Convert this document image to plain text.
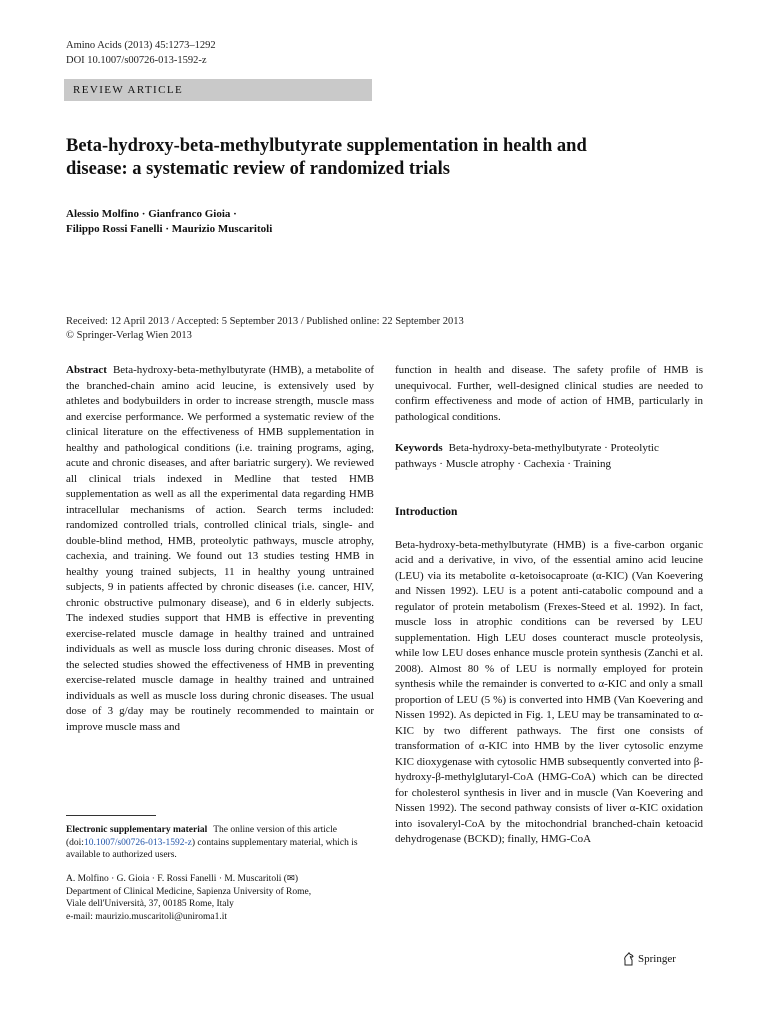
Amino Acids (2013) 45:1273–1292
DOI 10.1007/s00726-013-1592-z
REVIEW ARTICLE
Beta-hydroxy-beta-methylbutyrate supplementation in health and disease: a systematic review of randomized trials
Alessio Molfino · Gianfranco Gioia ·
Filippo Rossi Fanelli · Maurizio Muscaritoli
Received: 12 April 2013 / Accepted: 5 September 2013 / Published online: 22 September 2013
© Springer-Verlag Wien 2013

Abstract Beta-hydroxy-beta-methylbutyrate (HMB), a metabolite of the branched-chain amino acid leucine, is extensively used by athletes and bodybuilders in order to increase strength, muscle mass and exercise performance. We performed a systematic review of the clinical literature on the effectiveness of HMB supplementation in healthy and pathological conditions (i.e. training programs, aging, acute and chronic diseases, and after bariatric surgery). We reviewed all clinical trials indexed in Medline that tested HMB supplementation as well as all the experimental data regarding HMB intracellular mechanisms of action. Search terms included: randomized controlled trials, controlled clinical trials, single- and double-blind method, HMB, proteolytic pathways, muscle atrophy, cachexia, and training. We found out 13 studies testing HMB in healthy young trained subjects, 11 in healthy young untrained subjects, 9 in patients affected by chronic diseases (i.e. cancer, HIV, chronic obstructive pulmonary disease), and 6 in elderly subjects. The indexed studies support that HMB is effective in preventing exercise-related muscle damage in healthy trained and untrained individuals as well as muscle loss during chronic diseases. Most of the selected studies showed the effectiveness of HMB in preventing exercise-related muscle damage in healthy trained and untrained individuals as well as muscle loss during chronic diseases. The usual dose of 3 g/day may be routinely recommended to maintain or improve muscle mass and

function in health and disease. The safety profile of HMB is unequivocal. Further, well-designed clinical studies are needed to confirm effectiveness and mode of action of HMB, particularly in pathological conditions.

Keywords Beta-hydroxy-beta-methylbutyrate · Proteolytic pathways · Muscle atrophy · Cachexia · Training

Introduction

Beta-hydroxy-beta-methylbutyrate (HMB) is a five-carbon organic acid and a derivative, in vivo, of the essential amino acid leucine (LEU) via its metabolite α-ketoisocaproate (α-KIC) (Van Koevering and Nissen 1992). LEU is a potent anti-catabolic compound and a regulator of protein metabolism (Frexes-Steed et al. 1992). In fact, muscle loss in atrophic conditions can be reversed by LEU supplementation. High LEU doses counteract muscle proteolysis, while low LEU doses enhance muscle protein synthesis (Zanchi et al. 2008). Almost 80 % of LEU is normally employed for protein synthesis while the remainder is converted to α-KIC and only a small proportion of LEU (5 %) is converted into HMB (Van Koevering and Nissen 1992). As depicted in Fig. 1, LEU may be transaminated to α-KIC by two different pathways. The first one consists of transformation of α-KIC into HMB by the liver cytosolic enzyme KIC dioxygenase with cytosolic HMB subsequently converted into β-hydroxy-β-methylglutaryl-CoA (HMG-CoA) which can be directed for cholesterol synthesis in liver and in muscle (Van Koevering and Nissen 1992). The second pathway consists of liver α-KIC oxidation into isovaleryl-CoA by the mitochondrial branched-chain ketoacid dehydrogenase (BCKD); finally, HMG-CoA

Electronic supplementary material The online version of this article (doi:10.1007/s00726-013-1592-z) contains supplementary material, which is available to authorized users.
A. Molfino · G. Gioia · F. Rossi Fanelli · M. Muscaritoli (✉)
Department of Clinical Medicine, Sapienza University of Rome,
Viale dell'Università, 37, 00185 Rome, Italy
e-mail: maurizio.muscaritoli@uniroma1.it
Springer
